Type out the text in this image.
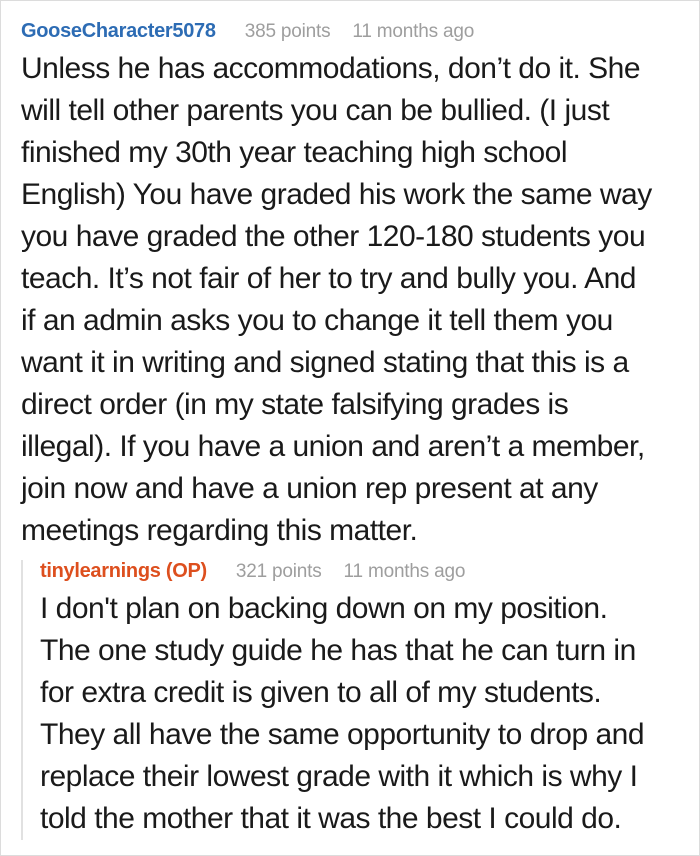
GooseCharacter5078 385 points 11 months ago
Unless he has accommodations, don’t do it. She
will tell other parents you can be bullied. (I just
finished my 30th year teaching high school
English) You have graded his work the same way
you have graded the other 120-180 students you
teach. It’s not fair of her to try and bully you. And
if an admin asks you to change it tell them you
want it in writing and signed stating that this is a
direct order (in my state falsifying grades is
illegal). If you have a union and aren’t a member,
join now and have a union rep present at any
meetings regarding this matter.
tinylearnings (OP) 321 points 11 months ago
I don't plan on backing down on my position.
The one study guide he has that he can turn in
for extra credit is given to all of my students.
They all have the same opportunity to drop and
replace their lowest grade with it which is why I
told the mother that it was the best I could do.
